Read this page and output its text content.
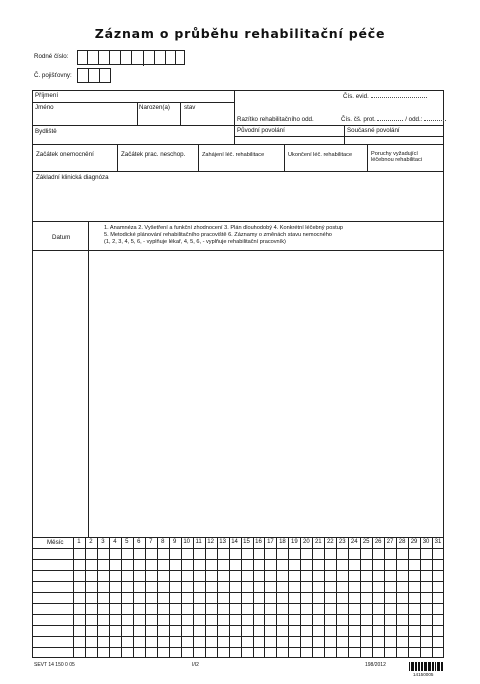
Záznam o průběhu rehabilitační péče
Rodné číslo:
Č. pojišťovny:
Příjmení	Čís. evid.
Jméno	Narozen(a) stav
Razítko rehabilitačního odd.	Čís. čš. prot.	/ odd.:
Bydliště	Původní povolání	Současné povolání
Začátek onemocnění	Začátek prac. neschop.	Zahájení léč. rehabilitace	Ukončení léč. rehabilitace	Poruchy vyžadující
léčebnou rehabilitaci
Základní klinická diagnóza
Datum
1. Anamnéza 2. Vyšetření a funkční zhodnocení 3. Plán dlouhodobý 4. Konkrétní léčebný postup
5. Metodické plánování rehabilitačního pracoviště 6. Záznamy o změnách stavu nemocného
(1, 2, 3, 4, 5, 6, - vyplňuje lékař, 4, 5, 6, - vyplňuje rehabilitační pracovník)
Měsíc	1	2	3	4	5	6	7	8	9	10 11 12 13 14 15 16 17 18 19 20 21 22 23 24 25 26 27 28 29 30 31
SEVT 14 150 0 05	I/I2	198/2012
14150005
